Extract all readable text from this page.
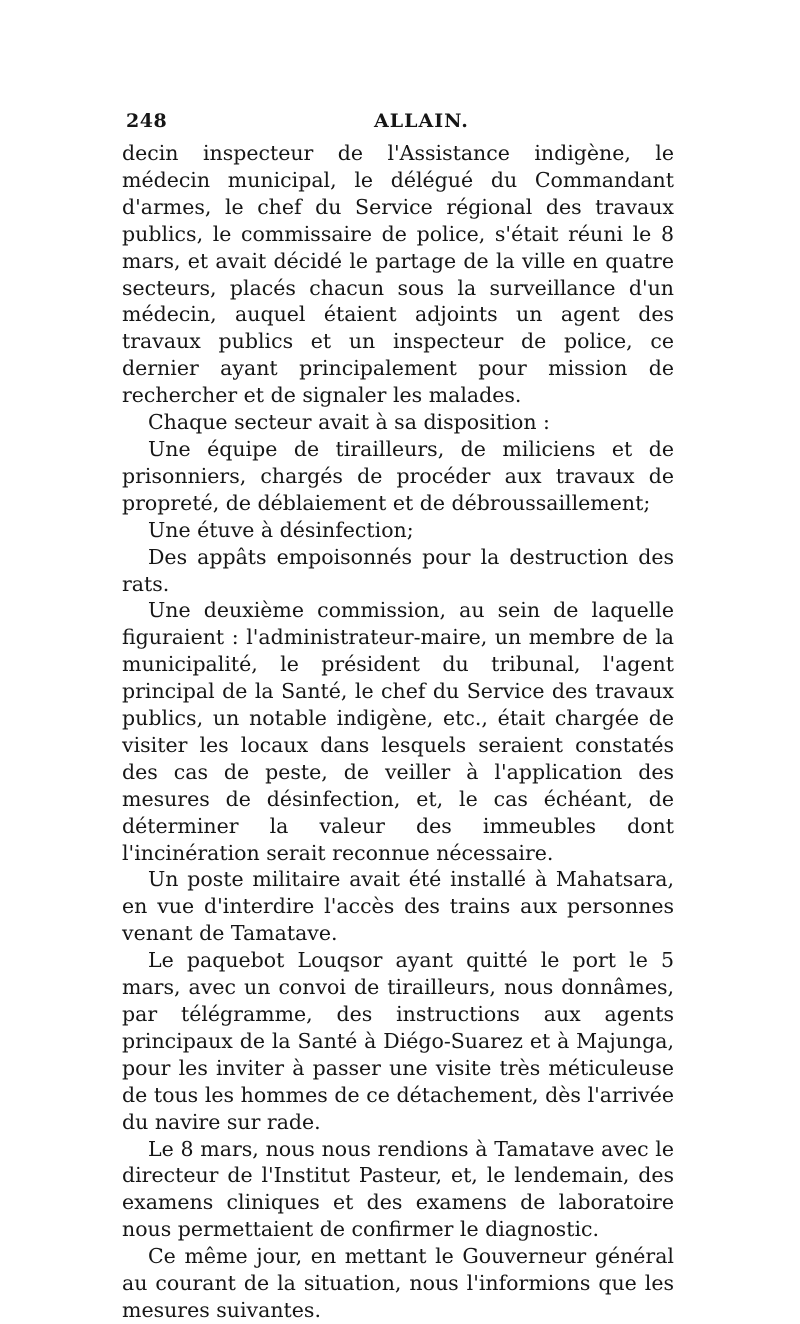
248	ALLAIN.

decin inspecteur de l'Assistance indigène, le médecin municipal, le délégué du Commandant d'armes, le chef du Service régional des travaux publics, le commissaire de police, s'était réuni le 8 mars, et avait décidé le partage de la ville en quatre secteurs, placés chacun sous la surveillance d'un médecin, auquel étaient adjoints un agent des travaux publics et un inspecteur de police, ce dernier ayant principalement pour mission de rechercher et de signaler les malades.

Chaque secteur avait à sa disposition :

Une équipe de tirailleurs, de miliciens et de prisonniers, chargés de procéder aux travaux de propreté, de déblaiement et de débroussaillement;

Une étuve à désinfection;

Des appâts empoisonnés pour la destruction des rats.

Une deuxième commission, au sein de laquelle figuraient : l'administrateur-maire, un membre de la municipalité, le président du tribunal, l'agent principal de la Santé, le chef du Service des travaux publics, un notable indigène, etc., était chargée de visiter les locaux dans lesquels seraient constatés des cas de peste, de veiller à l'application des mesures de désinfection, et, le cas échéant, de déterminer la valeur des immeubles dont l'incinération serait reconnue nécessaire.

Un poste militaire avait été installé à Mahatsara, en vue d'interdire l'accès des trains aux personnes venant de Tamatave.

Le paquebot Louqsor ayant quitté le port le 5 mars, avec un convoi de tirailleurs, nous donnâmes, par télégramme, des instructions aux agents principaux de la Santé à Diégo-Suarez et à Majunga, pour les inviter à passer une visite très méticuleuse de tous les hommes de ce détachement, dès l'arrivée du navire sur rade.

Le 8 mars, nous nous rendions à Tamatave avec le directeur de l'Institut Pasteur, et, le lendemain, des examens cliniques et des examens de laboratoire nous permettaient de confirmer le diagnostic.

Ce même jour, en mettant le Gouverneur général au courant de la situation, nous l'informions que les mesures suivantes.
